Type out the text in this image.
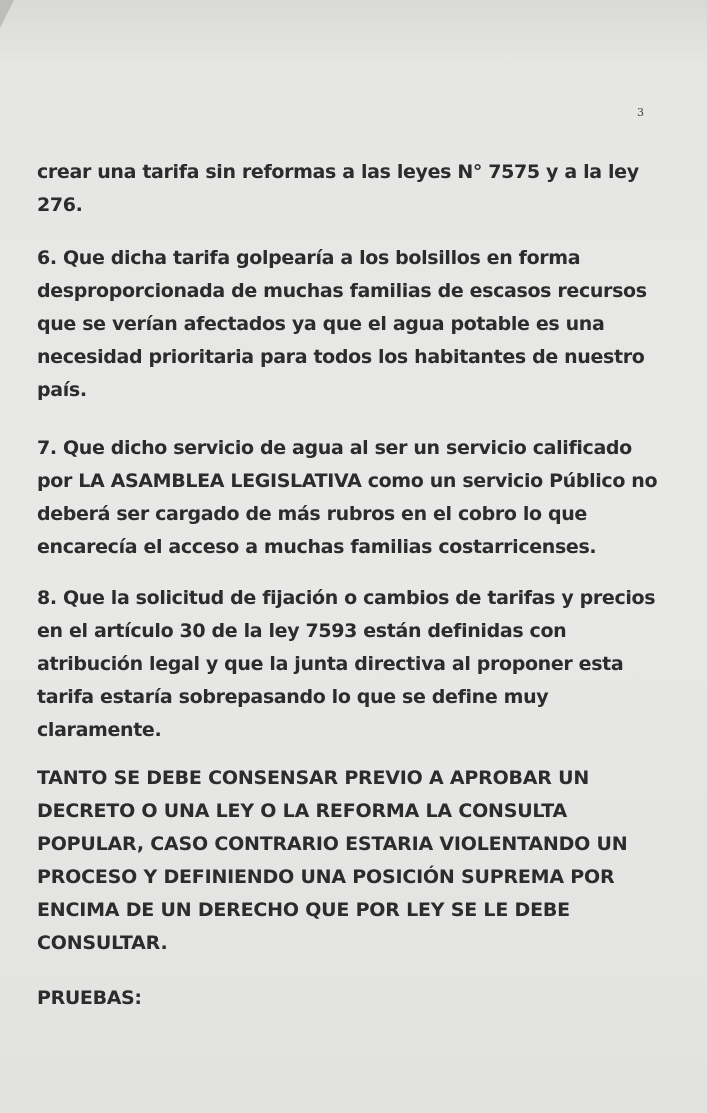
3

crear una tarifa sin reformas a las leyes N° 7575 y a la ley 276.

6. Que dicha tarifa golpearía a los bolsillos en forma desproporcionada de muchas familias de escasos recursos que se verían afectados ya que el agua potable es una necesidad prioritaria para todos los habitantes de nuestro país.

7. Que dicho servicio de agua al ser un servicio calificado por LA ASAMBLEA LEGISLATIVA como un servicio Público no deberá ser cargado de más rubros en el cobro lo que encarecía el acceso a muchas familias costarricenses.

8. Que la solicitud de fijación o cambios de tarifas y precios en el artículo 30 de la ley 7593 están definidas con atribución legal y que la junta directiva al proponer esta tarifa estaría sobrepasando lo que se define muy claramente.

TANTO SE DEBE CONSENSAR PREVIO A APROBAR UN DECRETO O UNA LEY O LA REFORMA LA CONSULTA POPULAR, CASO CONTRARIO ESTARIA VIOLENTANDO UN PROCESO Y DEFINIENDO UNA POSICIÓN SUPREMA POR ENCIMA DE UN DERECHO QUE POR LEY SE LE DEBE CONSULTAR.

PRUEBAS:
